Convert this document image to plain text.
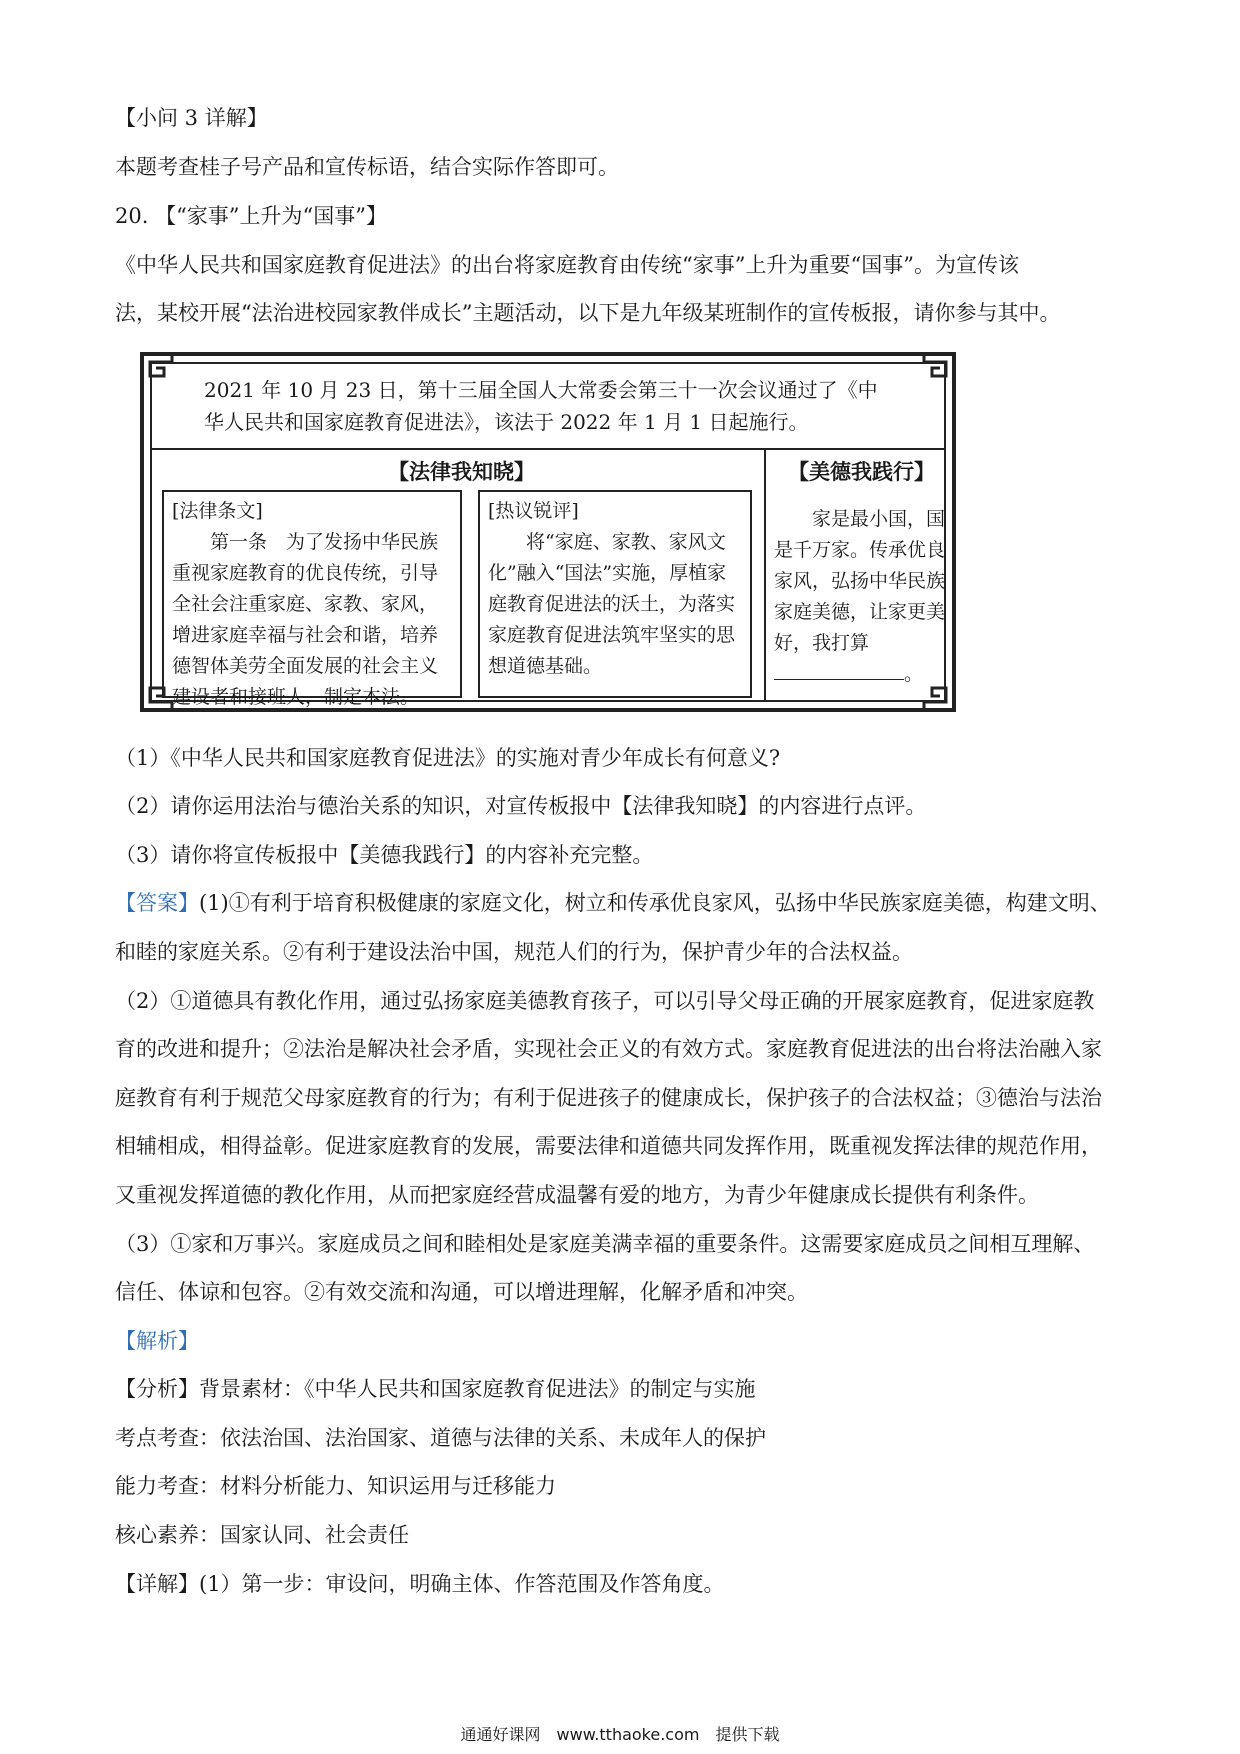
【小问 3 详解】
本题考查桂子号产品和宣传标语，结合实际作答即可。
20. 【“家事”上升为“国事”】
《中华人民共和国家庭教育促进法》的出台将家庭教育由传统“家事”上升为重要“国事”。为宣传该
法，某校开展“法治进校园家教伴成长”主题活动，以下是九年级某班制作的宣传板报，请你参与其中。
2021 年 10 月 23 日，第十三届全国人大常委会第三十一次会议通过了《中华人民共和国家庭教育促进法》，该法于 2022 年 1 月 1 日起施行。
【法律我知晓】	【美德我践行】
[法律条文]

第一条　为了发扬中华民族重视家庭教育的优良传统，引导全社会注重家庭、家教、家风，增进家庭幸福与社会和谐，培养德智体美劳全面发展的社会主义建设者和接班人，制定本法。

[热议锐评]

将“家庭、家教、家风文化”融入“国法”实施，厚植家庭教育促进法的沃土，为落实家庭教育促进法筑牢坚实的思想道德基础。

家是最小国，国是千万家。传承优良家风，弘扬中华民族家庭美德，让家更美好，我打算。

（1）《中华人民共和国家庭教育促进法》的实施对青少年成长有何意义?
（2）请你运用法治与德治关系的知识，对宣传板报中【法律我知晓】的内容进行点评。
（3）请你将宣传板报中【美德我践行】的内容补充完整。
【答案】(1)①有利于培育积极健康的家庭文化，树立和传承优良家风，弘扬中华民族家庭美德，构建文明、
和睦的家庭关系。②有利于建设法治中国，规范人们的行为，保护青少年的合法权益。
（2）①道德具有教化作用，通过弘扬家庭美德教育孩子，可以引导父母正确的开展家庭教育，促进家庭教
育的改进和提升；②法治是解决社会矛盾，实现社会正义的有效方式。家庭教育促进法的出台将法治融入家
庭教育有利于规范父母家庭教育的行为；有利于促进孩子的健康成长，保护孩子的合法权益；③德治与法治
相辅相成，相得益彰。促进家庭教育的发展，需要法律和道德共同发挥作用，既重视发挥法律的规范作用，
又重视发挥道德的教化作用，从而把家庭经营成温馨有爱的地方，为青少年健康成长提供有利条件。
（3）①家和万事兴。家庭成员之间和睦相处是家庭美满幸福的重要条件。这需要家庭成员之间相互理解、
信任、体谅和包容。②有效交流和沟通，可以增进理解，化解矛盾和冲突。
【解析】
【分析】背景素材：《中华人民共和国家庭教育促进法》的制定与实施
考点考查：依法治国、法治国家、道德与法律的关系、未成年人的保护
能力考查：材料分析能力、知识运用与迁移能力
核心素养：国家认同、社会责任
【详解】(1）第一步：审设问，明确主体、作答范围及作答角度。
通通好课网　www.tthaoke.com　提供下载
